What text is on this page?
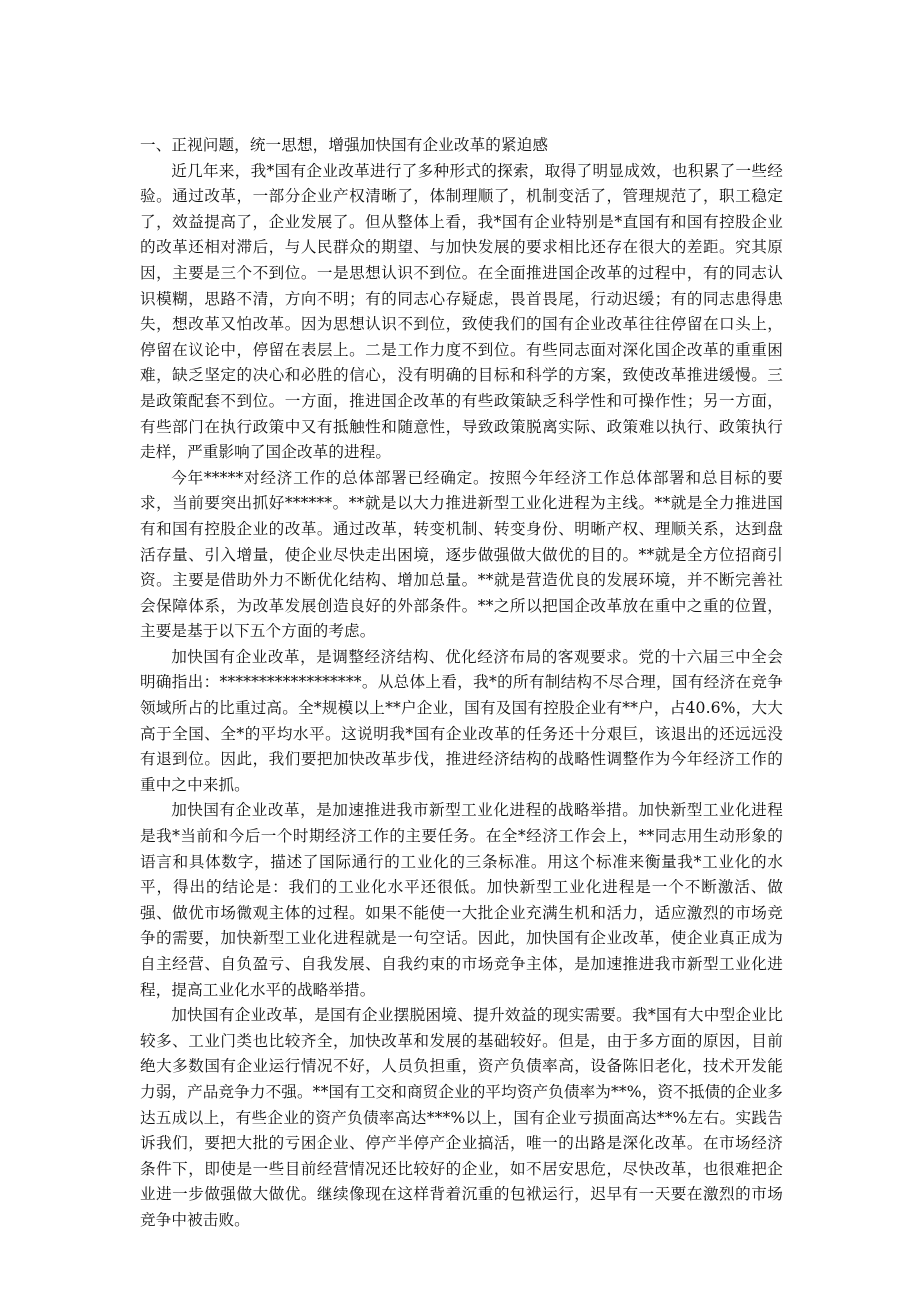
一、正视问题，统一思想，增强加快国有企业改革的紧迫感

近几年来，我*国有企业改革进行了多种形式的探索，取得了明显成效，也积累了一些经验。通过改革，一部分企业产权清晰了，体制理顺了，机制变活了，管理规范了，职工稳定了，效益提高了，企业发展了。但从整体上看，我*国有企业特别是*直国有和国有控股企业的改革还相对滞后，与人民群众的期望、与加快发展的要求相比还存在很大的差距。究其原因，主要是三个不到位。一是思想认识不到位。在全面推进国企改革的过程中，有的同志认识模糊，思路不清，方向不明；有的同志心存疑虑，畏首畏尾，行动迟缓；有的同志患得患失，想改革又怕改革。因为思想认识不到位，致使我们的国有企业改革往往停留在口头上，停留在议论中，停留在表层上。二是工作力度不到位。有些同志面对深化国企改革的重重困难，缺乏坚定的决心和必胜的信心，没有明确的目标和科学的方案，致使改革推进缓慢。三是政策配套不到位。一方面，推进国企改革的有些政策缺乏科学性和可操作性；另一方面，有些部门在执行政策中又有抵触性和随意性，导致政策脱离实际、政策难以执行、政策执行走样，严重影响了国企改革的进程。

今年*****对经济工作的总体部署已经确定。按照今年经济工作总体部署和总目标的要求，当前要突出抓好******。**就是以大力推进新型工业化进程为主线。**就是全力推进国有和国有控股企业的改革。通过改革，转变机制、转变身份、明晰产权、理顺关系，达到盘活存量、引入增量，使企业尽快走出困境，逐步做强做大做优的目的。**就是全方位招商引资。主要是借助外力不断优化结构、增加总量。**就是营造优良的发展环境，并不断完善社会保障体系，为改革发展创造良好的外部条件。**之所以把国企改革放在重中之重的位置，主要是基于以下五个方面的考虑。

加快国有企业改革，是调整经济结构、优化经济布局的客观要求。党的十六届三中全会明确指出：******************。从总体上看，我*的所有制结构不尽合理，国有经济在竞争领域所占的比重过高。全*规模以上**户企业，国有及国有控股企业有**户，占40.6%，大大高于全国、全*的平均水平。这说明我*国有企业改革的任务还十分艰巨，该退出的还远远没有退到位。因此，我们要把加快改革步伐，推进经济结构的战略性调整作为今年经济工作的重中之中来抓。

加快国有企业改革，是加速推进我市新型工业化进程的战略举措。加快新型工业化进程是我*当前和今后一个时期经济工作的主要任务。在全*经济工作会上，**同志用生动形象的语言和具体数字，描述了国际通行的工业化的三条标准。用这个标准来衡量我*工业化的水平，得出的结论是：我们的工业化水平还很低。加快新型工业化进程是一个不断激活、做强、做优市场微观主体的过程。如果不能使一大批企业充满生机和活力，适应激烈的市场竞争的需要，加快新型工业化进程就是一句空话。因此，加快国有企业改革，使企业真正成为自主经营、自负盈亏、自我发展、自我约束的市场竞争主体，是加速推进我市新型工业化进程，提高工业化水平的战略举措。

加快国有企业改革，是国有企业摆脱困境、提升效益的现实需要。我*国有大中型企业比较多、工业门类也比较齐全，加快改革和发展的基础较好。但是，由于多方面的原因，目前绝大多数国有企业运行情况不好，人员负担重，资产负债率高，设备陈旧老化，技术开发能力弱，产品竞争力不强。**国有工交和商贸企业的平均资产负债率为**%，资不抵债的企业多达五成以上，有些企业的资产负债率高达***%以上，国有企业亏损面高达**%左右。实践告诉我们，要把大批的亏困企业、停产半停产企业搞活，唯一的出路是深化改革。在市场经济条件下，即使是一些目前经营情况还比较好的企业，如不居安思危，尽快改革，也很难把企业进一步做强做大做优。继续像现在这样背着沉重的包袱运行，迟早有一天要在激烈的市场竞争中被击败。
